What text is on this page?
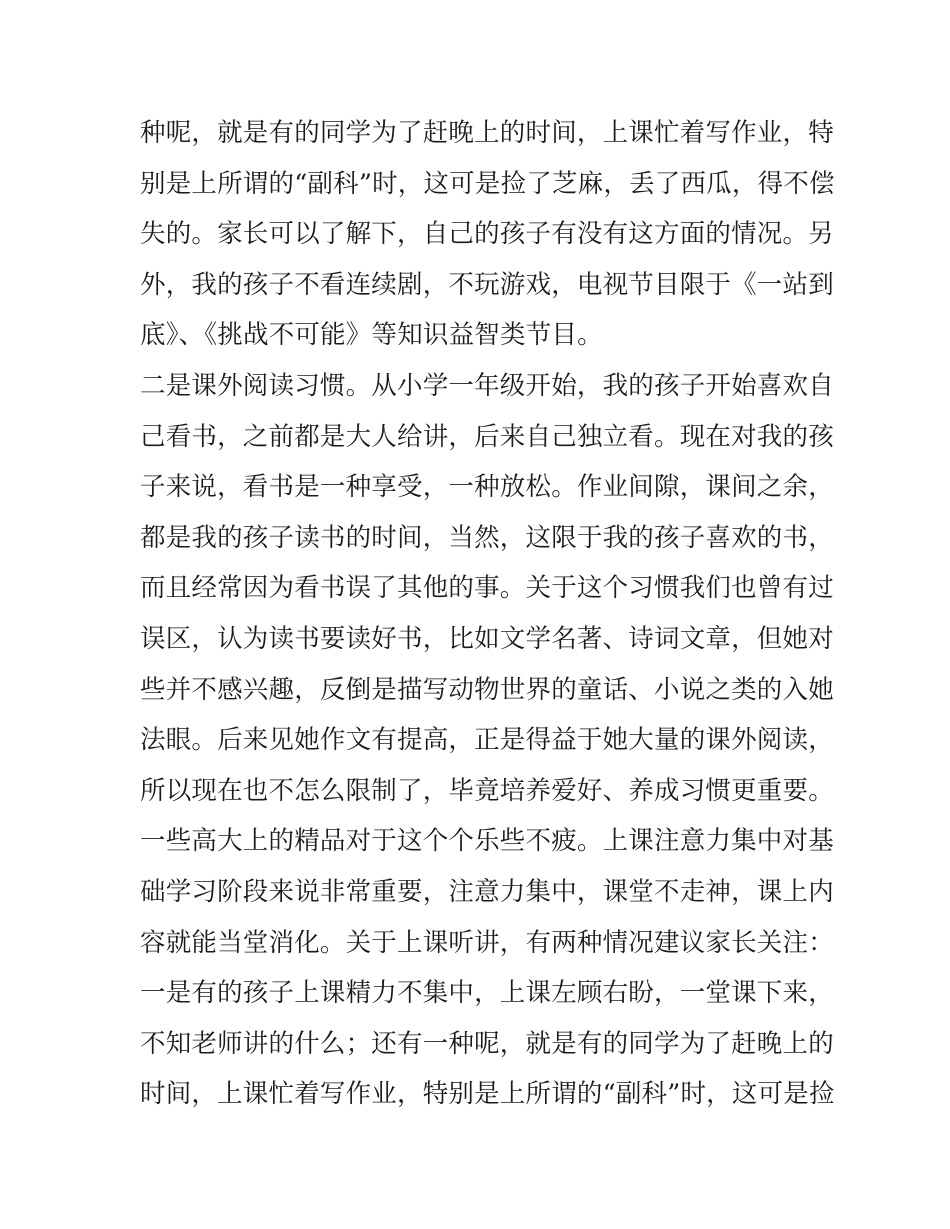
种呢，就是有的同学为了赶晚上的时间，上课忙着写作业，特
别是上所谓的“副科”时，这可是捡了芝麻，丢了西瓜，得不偿
失的。家长可以了解下，自己的孩子有没有这方面的情况。另
外，我的孩子不看连续剧，不玩游戏，电视节目限于《一站到
底》、《挑战不可能》等知识益智类节目。
二是课外阅读习惯。从小学一年级开始，我的孩子开始喜欢自
己看书，之前都是大人给讲，后来自己独立看。现在对我的孩
子来说，看书是一种享受，一种放松。作业间隙，课间之余，
都是我的孩子读书的时间，当然，这限于我的孩子喜欢的书，
而且经常因为看书误了其他的事。关于这个习惯我们也曾有过
误区，认为读书要读好书，比如文学名著、诗词文章，但她对
些并不感兴趣，反倒是描写动物世界的童话、小说之类的入她
法眼。后来见她作文有提高，正是得益于她大量的课外阅读，
所以现在也不怎么限制了，毕竟培养爱好、养成习惯更重要。
一些高大上的精品对于这个个乐些不疲。上课注意力集中对基
础学习阶段来说非常重要，注意力集中，课堂不走神，课上内
容就能当堂消化。关于上课听讲，有两种情况建议家长关注：
一是有的孩子上课精力不集中，上课左顾右盼，一堂课下来，
不知老师讲的什么；还有一种呢，就是有的同学为了赶晚上的
时间，上课忙着写作业，特别是上所谓的“副科”时，这可是捡
